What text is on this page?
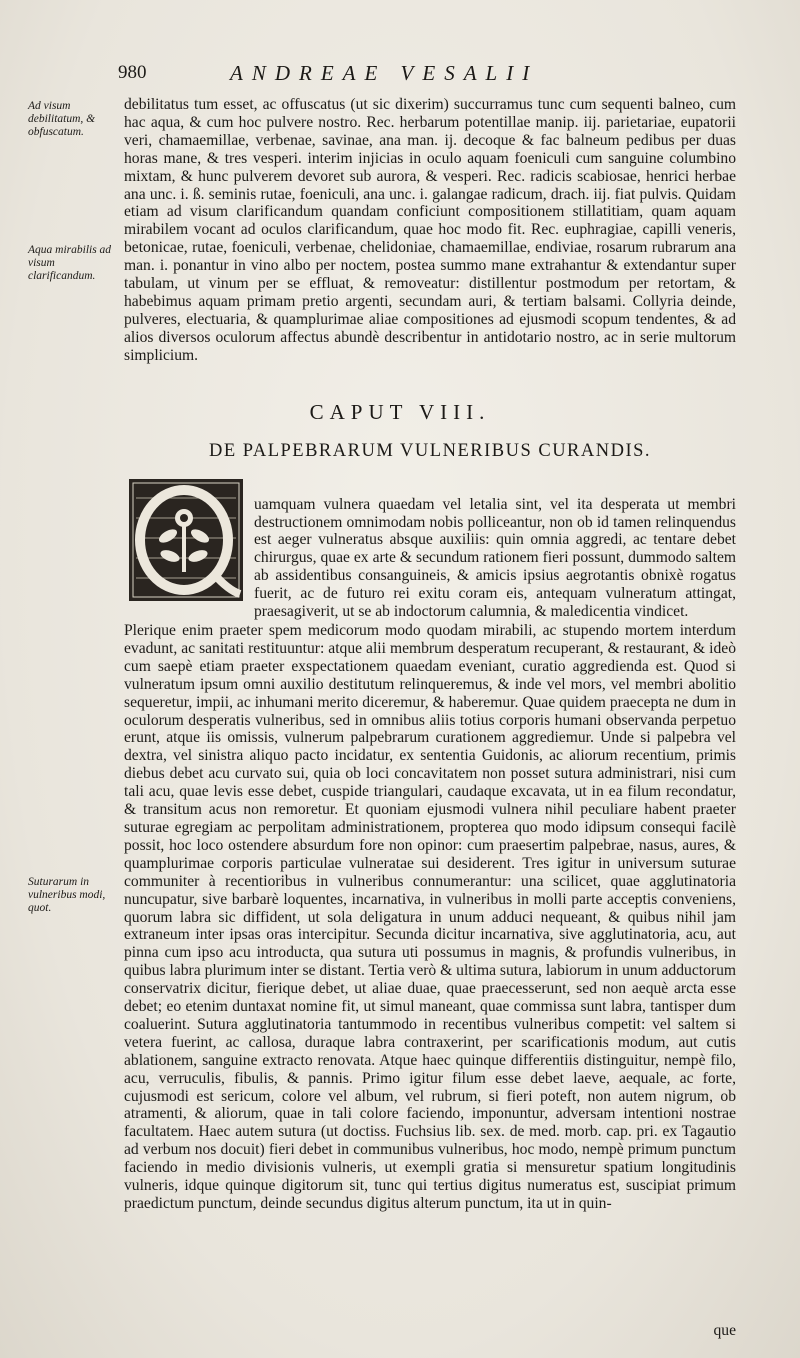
980	ANDREAE VESALII
Ad visum debilitatum, & obfuscatum.
Aqua mirabilis ad visum clarificandum.
Suturarum in vulneribus modi, quot.

debilitatus tum esset, ac offuscatus (ut sic dixerim) succurramus tunc cum sequenti balneo, cum hac aqua, & cum hoc pulvere nostro. Rec. herbarum potentillae manip. iij. parietariae, eupatorii veri, chamaemillae, verbenae, savinae, ana man. ij. decoque & fac balneum pedibus per duas horas mane, & tres vesperi. interim injicias in oculo aquam foeniculi cum sanguine columbino mixtam, & hunc pulverem devoret sub aurora, & vesperi. Rec. radicis scabiosae, henrici herbae ana unc. i. ß. seminis rutae, foeniculi, ana unc. i. galangae radicum, drach. iij. fiat pulvis. Quidam etiam ad visum clarificandum quandam conficiunt compositionem stillatitiam, quam aquam mirabilem vocant ad oculos clarificandum, quae hoc modo fit. Rec. euphragiae, capilli veneris, betonicae, rutae, foeniculi, verbenae, chelidoniae, chamaemillae, endiviae, rosarum rubrarum ana man. i. ponantur in vino albo per noctem, postea summo mane extrahantur & extendantur super tabulam, ut vinum per se effluat, & removeatur: distillentur postmodum per retortam, & habebimus aquam primam pretio argenti, secundam auri, & tertiam balsami. Collyria deinde, pulveres, electuaria, & quamplurimae aliae compositiones ad ejusmodi scopum tendentes, & ad alios diversos oculorum affectus abundè describentur in antidotario nostro, ac in serie multorum simplicium.

CAPUT VIII.
DE PALPEBRARUM VULNERIBUS CURANDIS.

uamquam vulnera quaedam vel letalia sint, vel ita desperata ut membri destructionem omnimodam nobis polliceantur, non ob id tamen relinquendus est aeger vulneratus absque auxiliis: quin omnia aggredi, ac tentare debet chirurgus, quae ex arte & secundum rationem fieri possunt, dummodo saltem ab assidentibus consanguineis, & amicis ipsius aegrotantis obnixè rogatus fuerit, ac de futuro rei exitu coram eis, antequam vulneratum attingat, praesagiverit, ut se ab indoctorum calumnia, & maledicentia vindicet.

Plerique enim praeter spem medicorum modo quodam mirabili, ac stupendo mortem interdum evadunt, ac sanitati restituuntur: atque alii membrum desperatum recuperant, & restaurant, & ideò cum saepè etiam praeter exspectationem quaedam eveniant, curatio aggredienda est. Quod si vulneratum ipsum omni auxilio destitutum relinqueremus, & inde vel mors, vel membri abolitio sequeretur, impii, ac inhumani merito diceremur, & haberemur. Quae quidem praecepta ne dum in oculorum desperatis vulneribus, sed in omnibus aliis totius corporis humani observanda perpetuo erunt, atque iis omissis, vulnerum palpebrarum curationem aggrediemur. Unde si palpebra vel dextra, vel sinistra aliquo pacto incidatur, ex sententia Guidonis, ac aliorum recentium, primis diebus debet acu curvato sui, quia ob loci concavitatem non posset sutura administrari, nisi cum tali acu, quae levis esse debet, cuspide triangulari, caudaque excavata, ut in ea filum recondatur, & transitum acus non remoretur. Et quoniam ejusmodi vulnera nihil peculiare habent praeter suturae egregiam ac perpolitam administrationem, propterea quo modo idipsum consequi facilè possit, hoc loco ostendere absurdum fore non opinor: cum praesertim palpebrae, nasus, aures, & quamplurimae corporis particulae vulneratae sui desiderent. Tres igitur in universum suturae communiter à recentioribus in vulneribus connumerantur: una scilicet, quae agglutinatoria nuncupatur, sive barbarè loquentes, incarnativa, in vulneribus in molli parte acceptis conveniens, quorum labra sic diffident, ut sola deligatura in unum adduci nequeant, & quibus nihil jam extraneum inter ipsas oras intercipitur. Secunda dicitur incarnativa, sive agglutinatoria, acu, aut pinna cum ipso acu introducta, qua sutura uti possumus in magnis, & profundis vulneribus, in quibus labra plurimum inter se distant. Tertia verò & ultima sutura, labiorum in unum adductorum conservatrix dicitur, fierique debet, ut aliae duae, quae praecesserunt, sed non aequè arcta esse debet; eo etenim duntaxat nomine fit, ut simul maneant, quae commissa sunt labra, tantisper dum coaluerint. Sutura agglutinatoria tantummodo in recentibus vulneribus competit: vel saltem si vetera fuerint, ac callosa, duraque labra contraxerint, per scarificationis modum, aut cutis ablationem, sanguine extracto renovata. Atque haec quinque differentiis distinguitur, nempè filo, acu, verruculis, fibulis, & pannis. Primo igitur filum esse debet laeve, aequale, ac forte, cujusmodi est sericum, colore vel album, vel rubrum, si fieri poteft, non autem nigrum, ob atramenti, & aliorum, quae in tali colore faciendo, imponuntur, adversam intentioni nostrae facultatem. Haec autem sutura (ut doctiss. Fuchsius lib. sex. de med. morb. cap. pri. ex Tagautio ad verbum nos docuit) fieri debet in communibus vulneribus, hoc modo, nempè primum punctum faciendo in medio divisionis vulneris, ut exempli gratia si mensuretur spatium longitudinis vulneris, idque quinque digitorum sit, tunc qui tertius digitus numeratus est, suscipiat primum praedictum punctum, deinde secundus digitus alterum punctum, ita ut in quin-

que
